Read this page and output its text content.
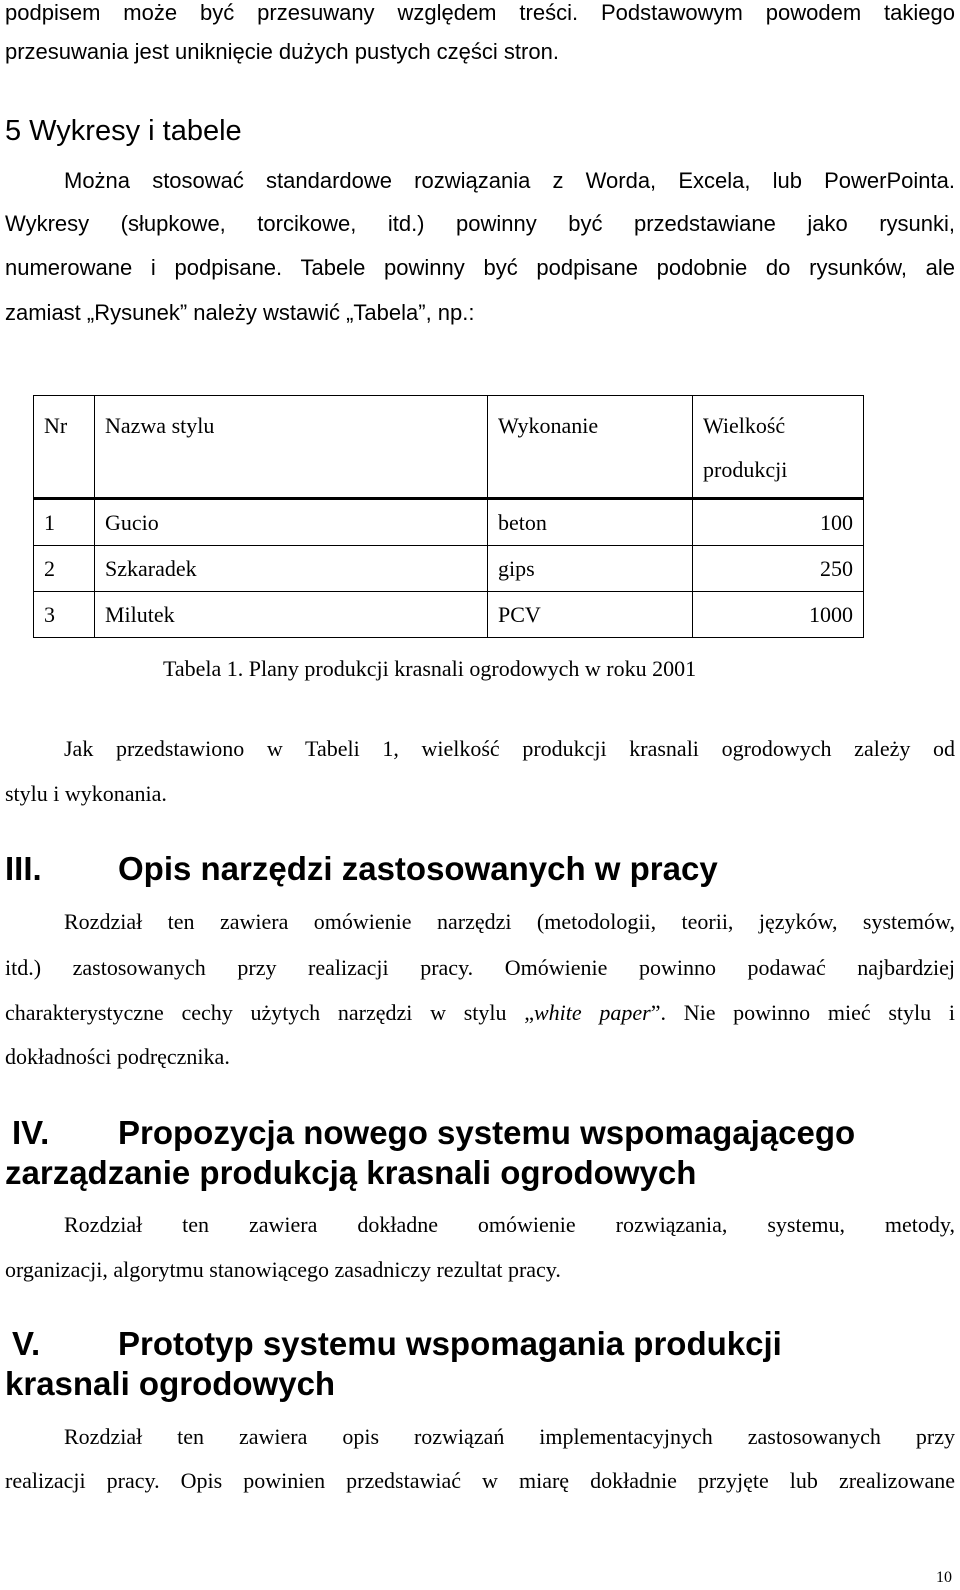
podpisem może być przesuwany względem treści. Podstawowym powodem takiego
przesuwania jest uniknięcie dużych pustych części stron.
5 Wykresy i tabele
Można stosować standardowe rozwiązania z Worda, Excela, lub PowerPointa.
Wykresy (słupkowe, torcikowe, itd.) powinny być przedstawiane jako rysunki,
numerowane i podpisane. Tabele powinny być podpisane podobnie do rysunków, ale
zamiast „Rysunek” należy wstawić „Tabela”, np.:
Nr	Nazwa stylu	Wykonanie	Wielkość produkcji
1	Gucio	beton	100
2	Szkaradek	gips	250
3	Milutek	PCV	1000
Tabela 1. Plany produkcji krasnali ogrodowych w roku 2001
Jak przedstawiono w Tabeli 1, wielkość produkcji krasnali ogrodowych zależy od
stylu i wykonania.
III. Opis narzędzi zastosowanych w pracy
Rozdział ten zawiera omówienie narzędzi (metodologii, teorii, języków, systemów,
itd.) zastosowanych przy realizacji pracy. Omówienie powinno podawać najbardziej
charakterystyczne cechy użytych narzędzi w stylu „white paper”. Nie powinno mieć stylu i
dokładności podręcznika.
IV. Propozycja nowego systemu wspomagającego
zarządzanie produkcją krasnali ogrodowych
Rozdział ten zawiera dokładne omówienie rozwiązania, systemu, metody,
organizacji, algorytmu stanowiącego zasadniczy rezultat pracy.
V. Prototyp systemu wspomagania produkcji
krasnali ogrodowych
Rozdział ten zawiera opis rozwiązań implementacyjnych zastosowanych przy
realizacji pracy. Opis powinien przedstawiać w miarę dokładnie przyjęte lub zrealizowane
10
